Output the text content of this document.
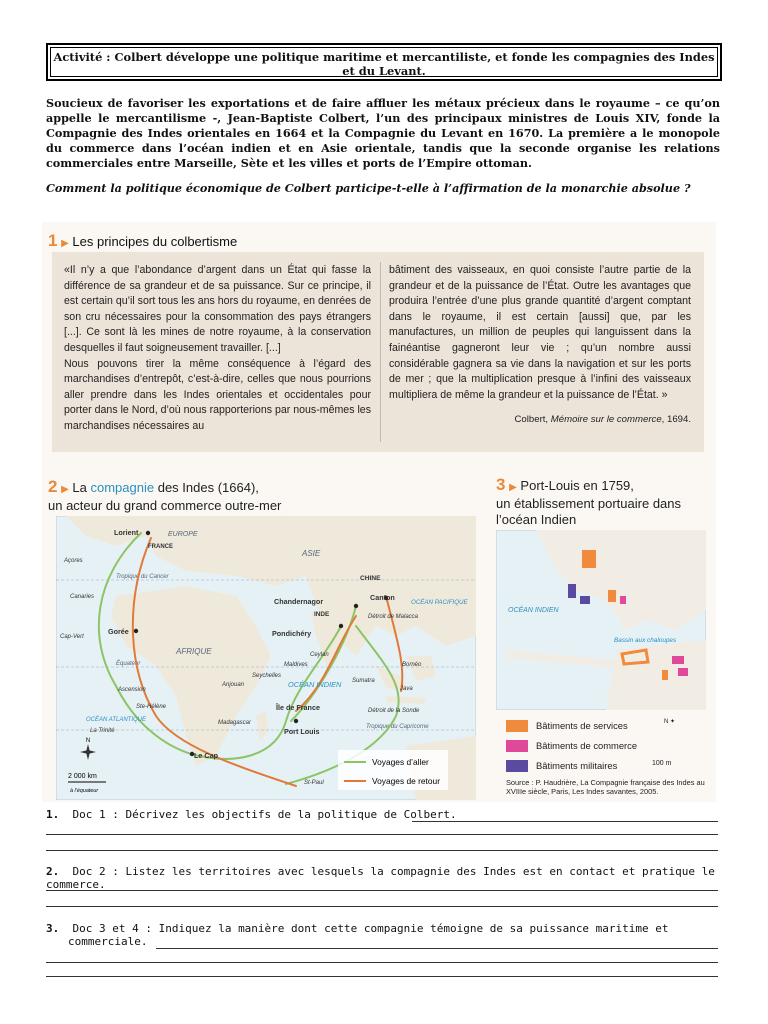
Activité : Colbert développe une politique maritime et mercantiliste, et fonde les compagnies des Indes et du Levant.
Soucieux de favoriser les exportations et de faire affluer les métaux précieux dans le royaume – ce qu’on appelle le mercantilisme -, Jean-Baptiste Colbert, l’un des principaux ministres de Louis XIV, fonde la Compagnie des Indes orientales en 1664 et la Compagnie du Levant en 1670. La première a le monopole du commerce dans l’océan indien et en Asie orientale, tandis que la seconde organise les relations commerciales entre Marseille, Sète et les villes et ports de l’Empire ottoman.
Comment la politique économique de Colbert participe-t-elle à l’affirmation de la monarchie absolue ?
1 ▶ Les principes du colbertisme
«Il n’y a que l’abondance d’argent dans un État qui fasse la différence de sa grandeur et de sa puissance. Sur ce principe, il est certain qu’il sort tous les ans hors du royaume, en denrées de son cru nécessaires pour la consommation des pays étrangers [...]. Ce sont là les mines de notre royaume, à la conservation desquelles il faut soigneusement travailler. [...]
Nous pouvons tirer la même conséquence à l’égard des marchandises d’entrepôt, c’est-à-dire, celles que nous pourrions aller prendre dans les Indes orientales et occidentales pour porter dans le Nord, d’où nous rapporterions par nous-mêmes les marchandises nécessaires au
bâtiment des vaisseaux, en quoi consiste l’autre partie de la grandeur et de la puissance de l’État. Outre les avantages que produira l’entrée d’une plus grande quantité d’argent comptant dans le royaume, il est certain [aussi] que, par les manufactures, un million de peuples qui languissent dans la fainéantise gagneront leur vie ; qu’un nombre aussi considérable gagnera sa vie dans la navigation et sur les ports de mer ; que la multiplication presque à l’infini des vaisseaux multipliera de même la grandeur et la puissance de l’État. »
Colbert, Mémoire sur le commerce, 1694.
2 ▶ La compagnie des Indes (1664),
un acteur du grand commerce outre-mer
Tropique du Cancer
Équateur
Tropique du Capricorne
Lorient
FRANCE
EUROPE
Açores
Canaries
Cap-Vert
Gorée
AFRIQUE
Ascension
Ste-Hélène
OCÉAN ATLANTIQUE
La Trinité
Le Cap
Madagascar
Anjouan
Seychelles
Maldives
OCÉAN INDIEN
Île de France
Port Louis
St-Paul
Ceylan
Pondichéry
INDE
Chandernagor
ASIE
CHINE
Canton
OCÉAN PACIFIQUE
Détroit de Malacca
Sumatra
Java
Bornéo
Détroit de la Sonde
N
2 000 km
à l’équateur
Voyages d’aller
Voyages de retour
3 ▶ Port-Louis en 1759,
un établissement portuaire dans
l’océan Indien
OCÉAN INDIEN
Bassin aux chaloupes
Bâtiments de services
Bâtiments de commerce
Bâtiments militaires
N ✦
100 m
Source : P. Haudrière, La Compagnie française des Indes au XVIIIe siècle, Paris, Les Indes savantes, 2005.
1. Doc 1 : Décrivez les objectifs de la politique de Colbert.
2. Doc 2 : Listez les territoires avec lesquels la compagnie des Indes est en contact et pratique le commerce.
3. Doc 3 et 4 : Indiquez la manière dont cette compagnie témoigne de sa puissance maritime et
commerciale.
